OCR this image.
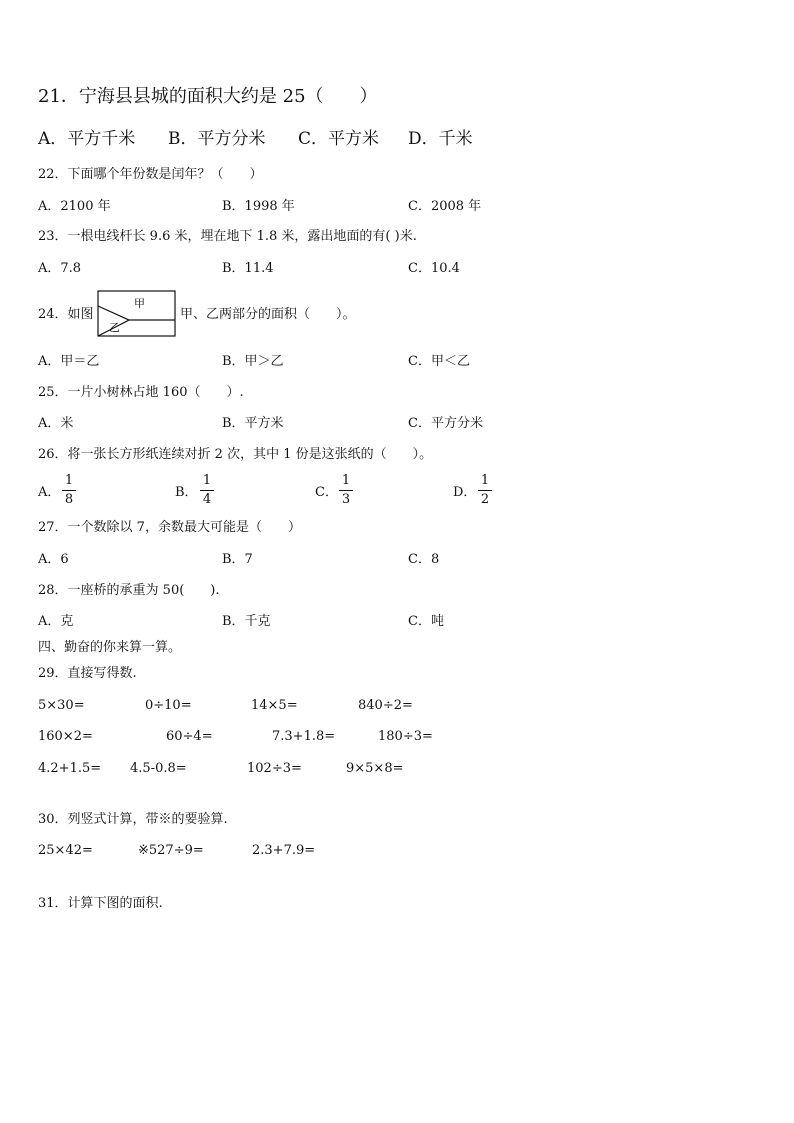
21．宁海县县城的面积大约是 25（　　）
A．平方千米 B．平方分米 C．平方米 D．千米
22．下面哪个年份数是闰年？（　　）
A．2100 年	B．1998 年	C．2008 年
23．一根电线杆长 9.6 米，埋在地下 1.8 米，露出地面的有( )米.
A．7.8	B．11.4	C．10.4
24．如图
甲
乙
甲、乙两部分的面积（　　）。
A．甲＝乙	B．甲＞乙	C．甲＜乙
25．一片小树林占地 160（　　）.
A．米	B．平方米	C．平方分米
26．将一张长方形纸连续对折 2 次，其中 1 份是这张纸的（　　）。
A．
1
8	B．
1
4	C．
1
3	D．
1
2
27．一个数除以 7，余数最大可能是（　　）
A．6	B．7	C．8
28．一座桥的承重为 50(　　).
A．克	B．千克	C．吨
四、勤奋的你来算一算。
29．直接写得数.
5×30=	0÷10=	14×5=	840÷2=
160×2=	60÷4=	7.3+1.8=	180÷3=
4.2+1.5= 4.5-0.8=	102÷3=	9×5×8=
30．列竖式计算，带※的要验算.
25×42=	※527÷9=	2.3+7.9=
31．计算下图的面积.
